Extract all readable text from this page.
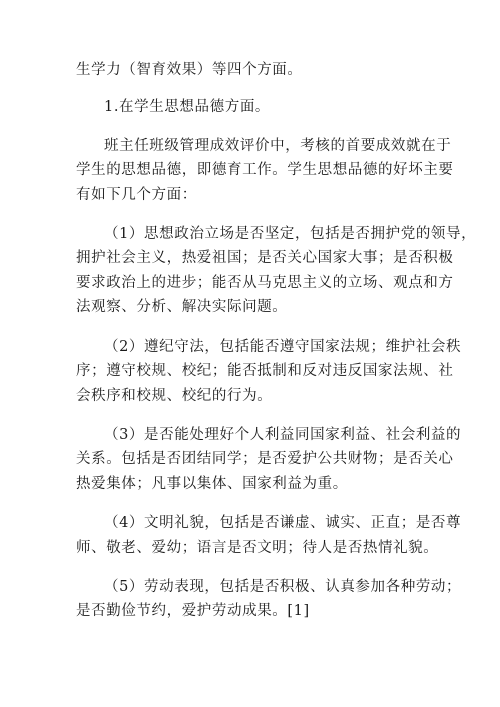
生学力（智育效果）等四个方面。
1.在学生思想品德方面。
班主任班级管理成效评价中，考核的首要成效就在于
学生的思想品德，即德育工作。学生思想品德的好坏主要
有如下几个方面：
（1）思想政治立场是否坚定，包括是否拥护党的领导，
拥护社会主义，热爱祖国；是否关心国家大事；是否积极
要求政治上的进步；能否从马克思主义的立场、观点和方
法观察、分析、解决实际问题。
（2）遵纪守法，包括能否遵守国家法规；维护社会秩
序；遵守校规、校纪；能否抵制和反对违反国家法规、社
会秩序和校规、校纪的行为。
（3）是否能处理好个人利益同国家利益、社会利益的
关系。包括是否团结同学；是否爱护公共财物；是否关心
热爱集体；凡事以集体、国家利益为重。
（4）文明礼貌，包括是否谦虚、诚实、正直；是否尊
师、敬老、爱幼；语言是否文明；待人是否热情礼貌。
（5）劳动表现，包括是否积极、认真参加各种劳动；
是否勤俭节约，爱护劳动成果。[1]
